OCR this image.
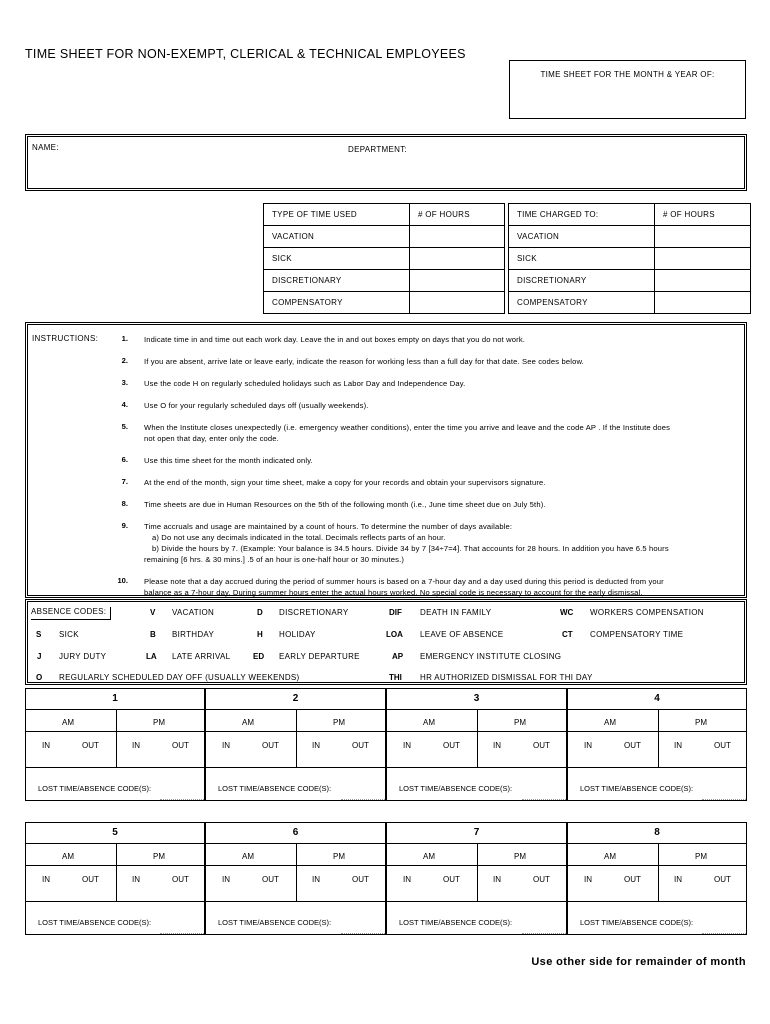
TIME SHEET FOR NON-EXEMPT, CLERICAL & TECHNICAL EMPLOYEES
TIME SHEET FOR THE MONTH & YEAR OF:
NAME:	DEPARTMENT:
TYPE OF TIME USED	# OF HOURS		TIME CHARGED TO:	# OF HOURS
VACATION			VACATION	
SICK			SICK	
DISCRETIONARY			DISCRETIONARY	
COMPENSATORY			COMPENSATORY	
INSTRUCTIONS:	1. Indicate time in and time out each work day. Leave the in and out boxes empty on days that you do not work.
2. If you are absent, arrive late or leave early, indicate the reason for working less than a full day for that date. See codes below.
3. Use the code H on regularly scheduled holidays such as Labor Day and Independence Day.
4. Use O for your regularly scheduled days off (usually weekends).
5. When the Institute closes unexpectedly (i.e. emergency weather conditions), enter the time you arrive and leave and the code AP . If the Institute does
not open that day, enter only the code.
6. Use this time sheet for the month indicated only.
7. At the end of the month, sign your time sheet, make a copy for your records and obtain your supervisors signature.
8. Time sheets are due in Human Resources on the 5th of the following month (i.e., June time sheet due on July 5th).
9. Time accruals and usage are maintained by a count of hours. To determine the number of days available:
a) Do not use any decimals indicated in the total. Decimals reflects parts of an hour.
b) Divide the hours by 7. (Example: Your balance is 34.5 hours. Divide 34 by 7 [34÷7=4]. That accounts for 28 hours. In addition you have 6.5 hours
remaining [6 hrs. & 30 mins.] .5 of an hour is one-half hour or 30 minutes.)
10. Please note that a day accrued during the period of summer hours is based on a 7-hour day and a day used during this period is deducted from your
balance as a 7-hour day. During summer hours enter the actual hours worked. No special code is necessary to account for the early dismissal.
ABSENCE CODES:	V VACATION	D DISCRETIONARY	DIF DEATH IN FAMILY	WC WORKERS COMPENSATION
S SICK	B BIRTHDAY	H HOLIDAY	LOA LEAVE OF ABSENCE	CT COMPENSATORY TIME
J JURY DUTY	LA LATE ARRIVAL	ED EARLY DEPARTURE	AP EMERGENCY INSTITUTE CLOSING
O REGULARLY SCHEDULED DAY OFF (USUALLY WEEKENDS)	THI HR AUTHORIZED DISMISSAL FOR THI DAY
1
AM	PM
IN	OUT	IN	OUT
LOST TIME/ABSENCE CODE(S):
2
AM	PM
IN	OUT	IN	OUT
LOST TIME/ABSENCE CODE(S):
3
AM	PM
IN	OUT	IN	OUT
LOST TIME/ABSENCE CODE(S):
4
AM	PM
IN	OUT	IN	OUT
LOST TIME/ABSENCE CODE(S):
5
AM	PM
IN	OUT	IN	OUT
LOST TIME/ABSENCE CODE(S):
6
AM	PM
IN	OUT	IN	OUT
LOST TIME/ABSENCE CODE(S):
7
AM	PM
IN	OUT	IN	OUT
LOST TIME/ABSENCE CODE(S):
8
AM	PM
IN	OUT	IN	OUT
LOST TIME/ABSENCE CODE(S):
Use other side for remainder of month
